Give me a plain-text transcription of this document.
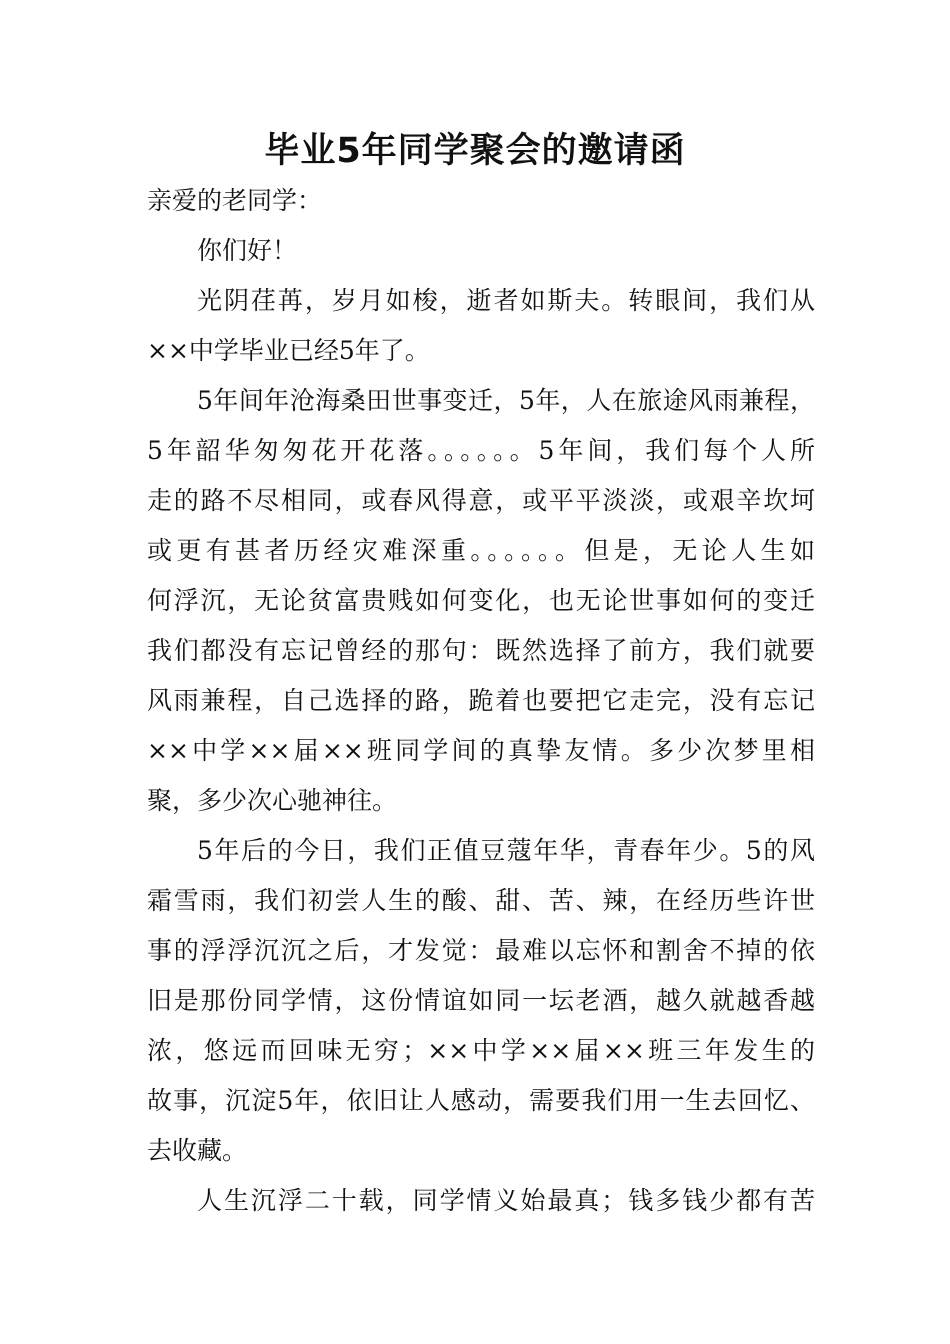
毕业5年同学聚会的邀请函
亲爱的老同学：
你们好！
光阴荏苒，岁月如梭，逝者如斯夫。转眼间，我们从
××中学毕业已经5年了。
5年间年沧海桑田世事变迁，5年，人在旅途风雨兼程，
5年韶华匆匆花开花落。。。。。。5年间，我们每个人所
走的路不尽相同，或春风得意，或平平淡淡，或艰辛坎坷
或更有甚者历经灾难深重。。。。。。但是，无论人生如
何浮沉，无论贫富贵贱如何变化，也无论世事如何的变迁
我们都没有忘记曾经的那句：既然选择了前方，我们就要
风雨兼程，自己选择的路，跪着也要把它走完，没有忘记
××中学××届××班同学间的真挚友情。多少次梦里相
聚，多少次心驰神往。
5年后的今日，我们正值豆蔻年华，青春年少。5的风
霜雪雨，我们初尝人生的酸、甜、苦、辣，在经历些许世
事的浮浮沉沉之后，才发觉：最难以忘怀和割舍不掉的依
旧是那份同学情，这份情谊如同一坛老酒，越久就越香越
浓，悠远而回味无穷；××中学××届××班三年发生的
故事，沉淀5年，依旧让人感动，需要我们用一生去回忆、
去收藏。
人生沉浮二十载，同学情义始最真；钱多钱少都有苦
